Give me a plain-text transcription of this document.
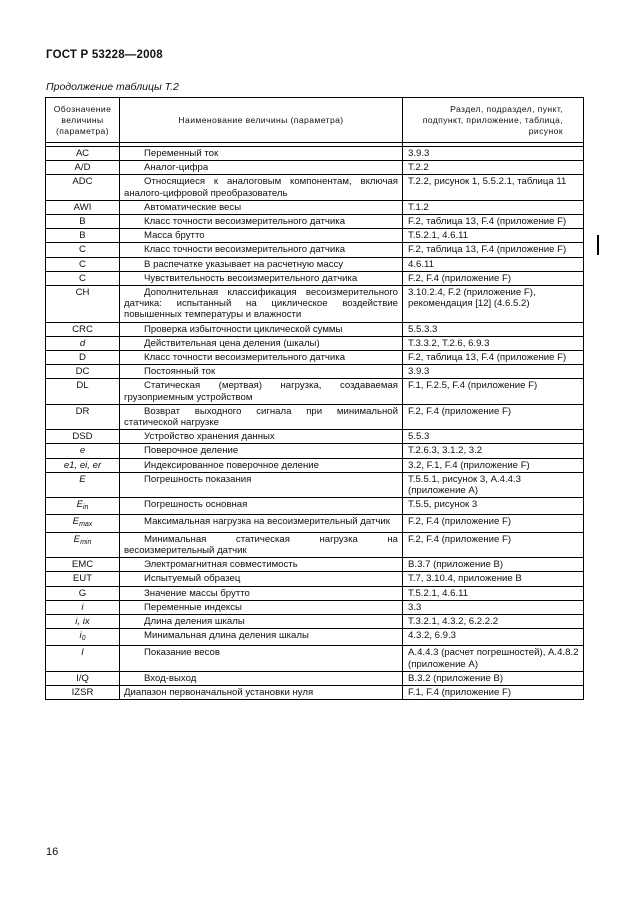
ГОСТ Р 53228—2008
Продолжение таблицы Т.2
Обозначение величины (параметра)	Наименование величины (параметра)	Раздел, подраздел, пункт, подпункт, приложение, таблица, рисунок

АС	Переменный ток	3.9.3
A/D	Аналог-цифра	T.2.2
ADC	Относящиеся к аналоговым компонентам, включая аналого-цифровой преобразователь	T.2.2, рисунок 1, 5.5.2.1, таблица 11
AWI	Автоматические весы	T.1.2
В	Класс точности весоизмерительного датчика	F.2, таблица 13, F.4 (приложение F)
В	Масса брутто	T.5.2.1, 4.6.11
С	Класс точности весоизмерительного датчика	F.2, таблица 13, F.4 (приложение F)
С	В распечатке указывает на расчетную массу	4.6.11
С	Чувствительность весоизмерительного датчика	F.2, F.4 (приложение F)
СН	Дополнительная классификация весоизмерительного датчика: испытанный на циклическое воздействие повышенных температуры и влажности	3.10.2.4, F.2 (приложение F), рекомендация [12] (4.6.5.2)
CRC	Проверка избыточности циклической суммы	5.5.3.3
d	Действительная цена деления (шкалы)	T.3.3.2, T.2.6, 6.9.3
D	Класс точности весоизмерительного датчика	F.2, таблица 13, F.4 (приложение F)
DC	Постоянный ток	3.9.3
DL	Статическая (мертвая) нагрузка, создаваемая грузоприемным устройством	F.1, F.2.5, F.4 (приложение F)
DR	Возврат выходного сигнала при минимальной статической нагрузке	F.2, F.4 (приложение F)
DSD	Устройство хранения данных	5.5.3
e	Поверочное деление	T.2.6.3, 3.1.2, 3.2
e1, ei, er	Индексированное поверочное деление	3.2, F.1, F.4 (приложение F)
E	Погрешность показания	T.5.5.1, рисунок 3, А.4.4.3 (приложение А)
$E_{in}$	Погрешность основная	T.5.5, рисунок 3
$E_{max}$	Максимальная нагрузка на весоизмерительный датчик	F.2, F.4 (приложение F)
$E_{min}$	Минимальная статическая нагрузка на весоизмерительный датчик	F.2, F.4 (приложение F)
EMC	Электромагнитная совместимость	В.3.7 (приложение В)
EUT	Испытуемый образец	T.7, 3.10.4, приложение В
G	Значение массы брутто	T.5.2.1, 4.6.11
i	Переменные индексы	3.3
i, ix	Длина деления шкалы	T.3.2.1, 4.3.2, 6.2.2.2
$i_0$	Минимальная длина деления шкалы	4.3.2, 6.9.3
I	Показание весов	А.4.4.3 (расчет погрешностей), А.4.8.2 (приложение А)
I/Q	Вход-выход	В.3.2 (приложение В)
IZSR	Диапазон первоначальной установки нуля	F.1, F.4 (приложение F)
16
